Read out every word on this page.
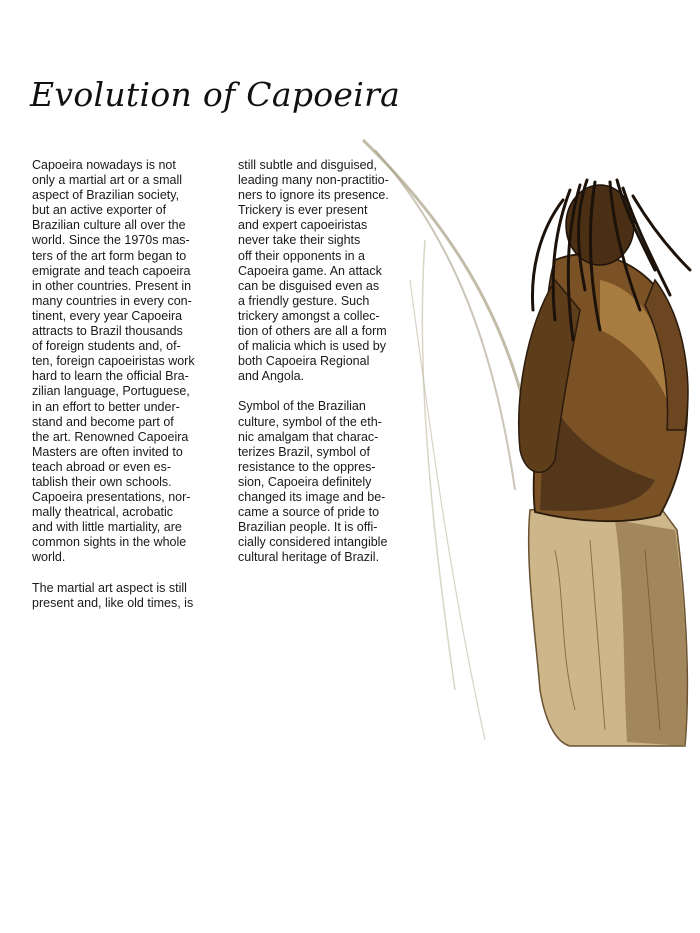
Evolution of Capoeira

Capoeira nowadays is not
only a martial art or a small
aspect of Brazilian society,
but an active exporter of
Brazilian culture all over the
world. Since the 1970s mas-
ters of the art form began to
emigrate and teach capoeira
in other countries. Present in
many countries in every con-
tinent, every year Capoeira
attracts to Brazil thousands
of foreign students and, of-
ten, foreign capoeiristas work
hard to learn the official Bra-
zilian language, Portuguese,
in an effort to better under-
stand and become part of
the art. Renowned Capoeira
Masters are often invited to
teach abroad or even es-
tablish their own schools.
Capoeira presentations, nor-
mally theatrical, acrobatic
and with little martiality, are
common sights in the whole
world.

The martial art aspect is still
present and, like old times, is

still subtle and disguised,
leading many non-practitio-
ners to ignore its presence.
Trickery is ever present
and expert capoeiristas
never take their sights
off their opponents in a
Capoeira game. An attack
can be disguised even as
a friendly gesture. Such
trickery amongst a collec-
tion of others are all a form
of malicia which is used by
both Capoeira Regional
and Angola.

Symbol of the Brazilian
culture, symbol of the eth-
nic amalgam that charac-
terizes Brazil, symbol of
resistance to the oppres-
sion, Capoeira definitely
changed its image and be-
came a source of pride to
Brazilian people. It is offi-
cially considered intangible
cultural heritage of Brazil.
